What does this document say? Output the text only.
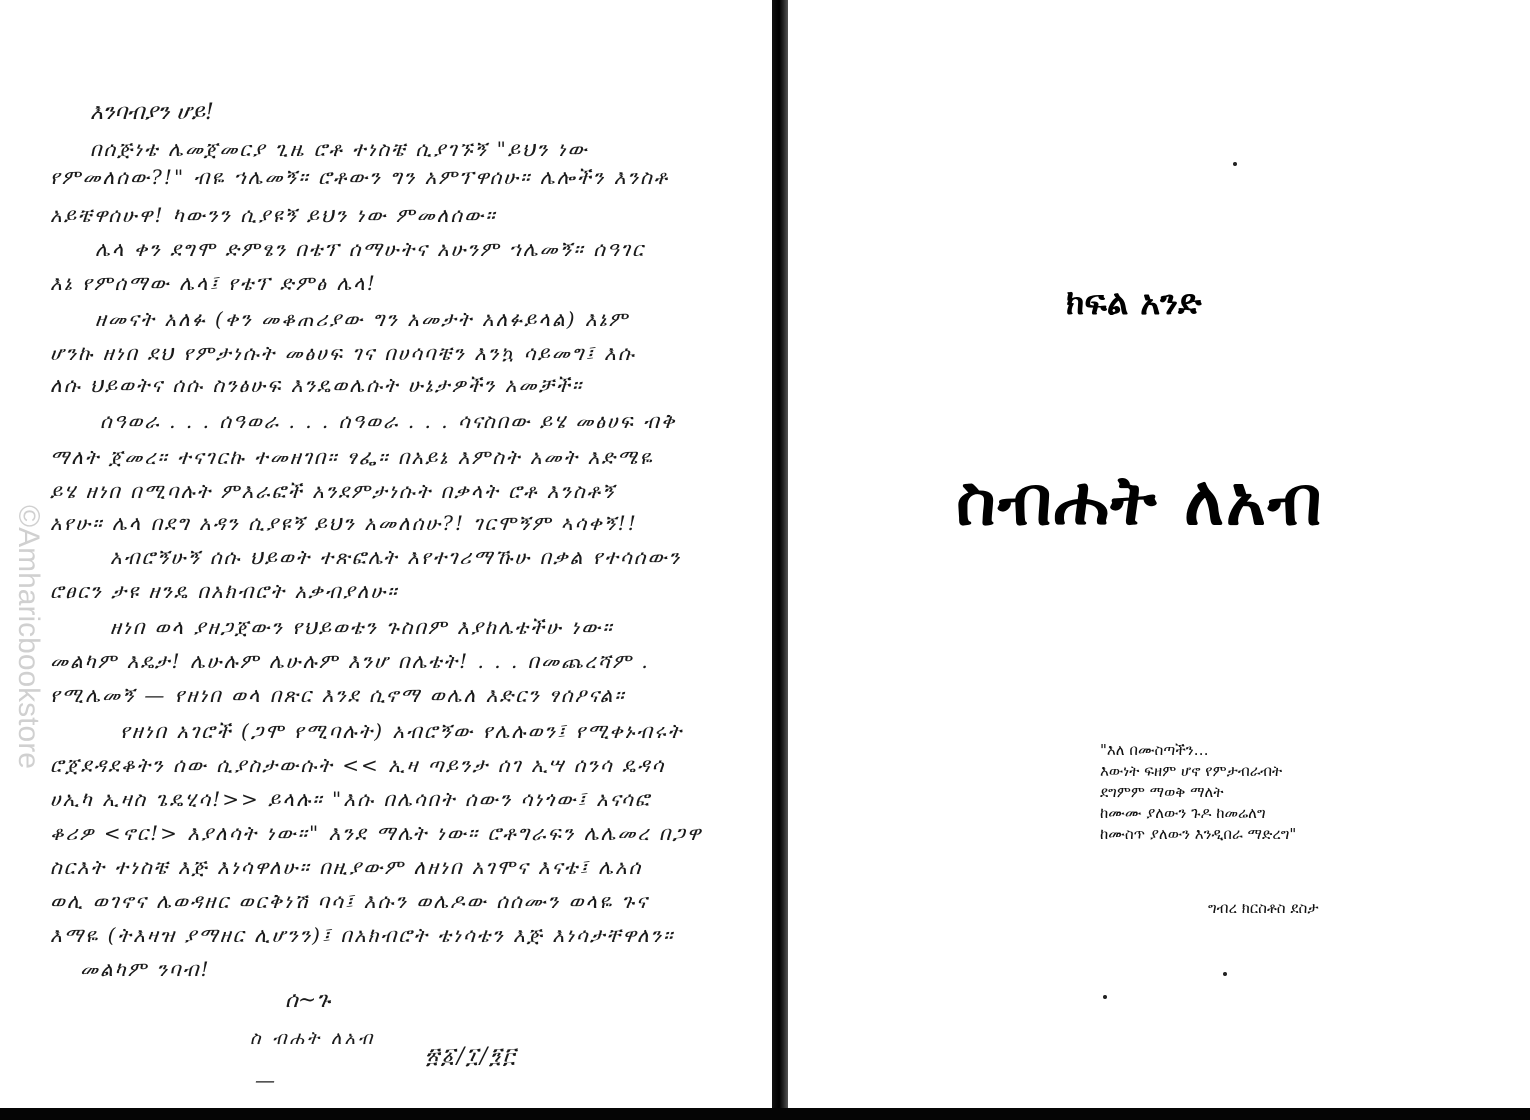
እንባብያን ሆይ!
በሰጅነቴ ሌመጀመርያ ጊዜ ሮቶ ተነስቼ ሲያገኙኝ "ይህን ነው
የምመለሰው?!" ብዬ ኀሌመኝ። ሮቶውን ግን አምፕዋሰሁ። ሌሎችን እንስቶ
አይቼዋሰሁዋ! ካውንን ሲያዩኝ ይህን ነው ምመለሰው።
ሌላ ቀን ደግሞ ድምፄን በቴፕ ሰማሁትና አሁንም ኀሌመኝ። ሰዓገር
እኔ የምሰማው ሌላ፤ የቴፕ ድምፅ ሌላ!
ዘመናት አለፉ (ቀን መቆጠሪያው ግን አመታት አለፉይላል) እኔም
ሆንኩ ዘነበ ደህ የምታነሱት መፅሀፍ ገና በሀሳባቼን እንኳ ሳይመግ፤ እሱ
ለሱ ህይወትና ሰሱ ስንፅሁፍ እንዴወሌሱት ሁኔታዎችን አመቻች።
ሰዓወራ . . . ሰዓወራ . . . ሰዓወራ . . . ሳናስበው ይሄ መፅሀፍ ብቅ
ማለት ጀመረ። ተናገርኩ ተመዘገበ። ፃፌ። በአይኔ እምስት አመት እድሜዬ
ይሄ ዘነበ በሚባሉት ምእራፎች አንደምታነሱት በቃላት ሮቶ እንስቶኝ
አየሁ። ሌላ በደግ አዳን ሲያዩኝ ይህን አመለሰሁ?! ገርሞኝም ኣሳቀኝ!!
አብሮኝሁኝ ሰሱ ህይወት ተጽፎሌት እየተገሪማኹሁ በቃል የተሳሰውን
ሮፀርን ታዩ ዘንዴ በአክብሮት አቃብያለሁ።
ዘነበ ወላ ያዘጋጀውን የህይወቴን ጉስበም እያከሌቴችሁ ነው።
መልካም እዴታ! ሌሁሉም ሌሁሉም እንሆ በሌቴት! . . . በመጨረሻም .
የሚሌመኝ — የዘነበ ወላ በጽር እንደ ሲኖማ ወሌለ እድርን ፃሰዖናል።
የዘነበ አገሮች (ጋሞ የሚባሉት) አብሮኝው የሌሉወን፤ የሚቀኑብሩት
ሮጀደዳደቆትን ሰው ሲያስታውሱት << ኢዛ ጣይንታ ሰገ ኢሣ ሰንሳ ዴዳሳ
ሀኢካ ኢዛስ ጌዴሂሳ!>> ይላሉ። "እሱ በሌሳበት ሰውን ሳነጎው፤ አናሳፎ
ቆሪዎ <ኖር!> እያለሳት ነው።" እንደ ማሌት ነው። ሮቶግራፍን ሌሌመረ በጋዋ
ስርእት ተነስቼ እጅ እነሳዋለሁ። በዚያውም ለዘነበ አገሞና እናቴ፤ ሌአሰ
ወሊ ወገኖና ሌወዳዘር ወርቅነሽ ባሳ፤ እሱን ወሌዶው ሰሰሙን ወላዬ ጉና
እማዬ (ትእዛዝ ያማዘር ሊሆንን)፤ በአክብሮት ቴነሳቴን እጅ እነሳታቸዋለን።
መልካም ንባብ!
ሰ~ጉ
ስ ብሐት ለአብ
፳፩/፲/፺፫
—
©Amharicbookstore
ክፍል አንድ
ስብሐት ለአብ
"እለ በሙስጣችን…
እውነት ፍዘም ሆኖ የምታብራብት
ደግምም ማወቅ ማለት
ከሙሙ ያለውን ጉዶ ከመሬለግ
ከሙስጥ ያለውን እንዲበራ ማድረግ"
ግብረ ክርስቶስ ደስታ
